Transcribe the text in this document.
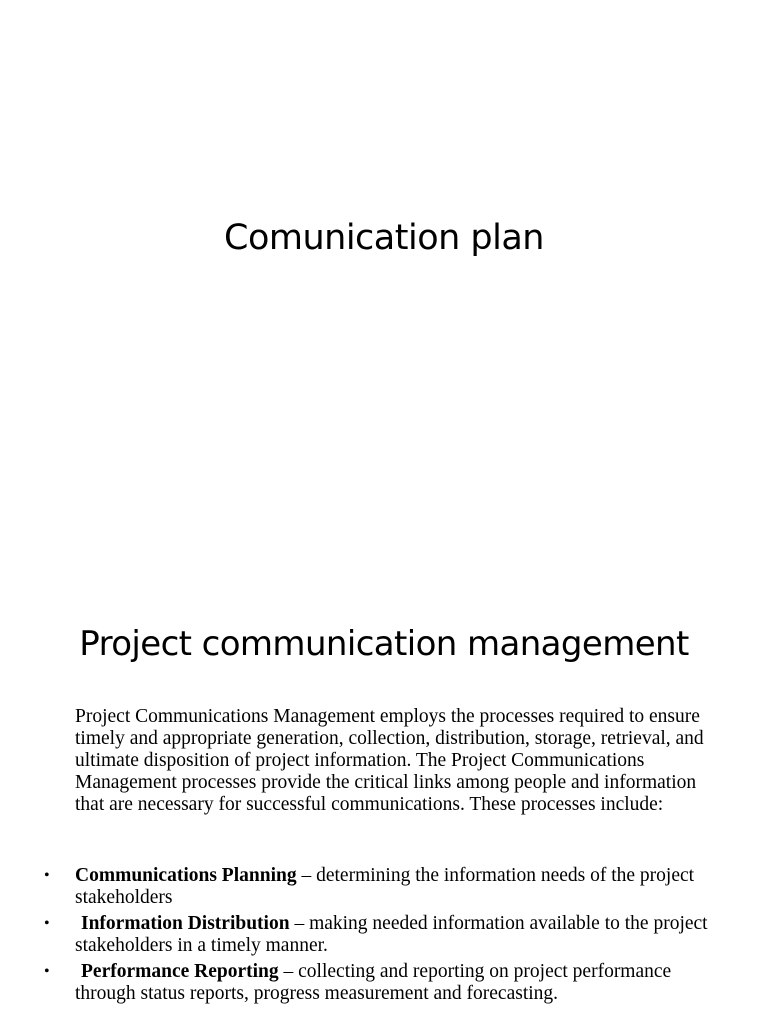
Comunication plan
Project communication management

Project Communications Management employs the processes required to ensure timely and appropriate generation, collection, distribution, storage, retrieval, and ultimate disposition of project information. The Project Communications Management processes provide the critical links among people and information that are necessary for successful communications. These processes include:

• Communications Planning – determining the information needs of the project stakeholders
• Information Distribution – making needed information available to the project stakeholders in a timely manner.
• Performance Reporting – collecting and reporting on project performance through status reports, progress measurement and forecasting.
